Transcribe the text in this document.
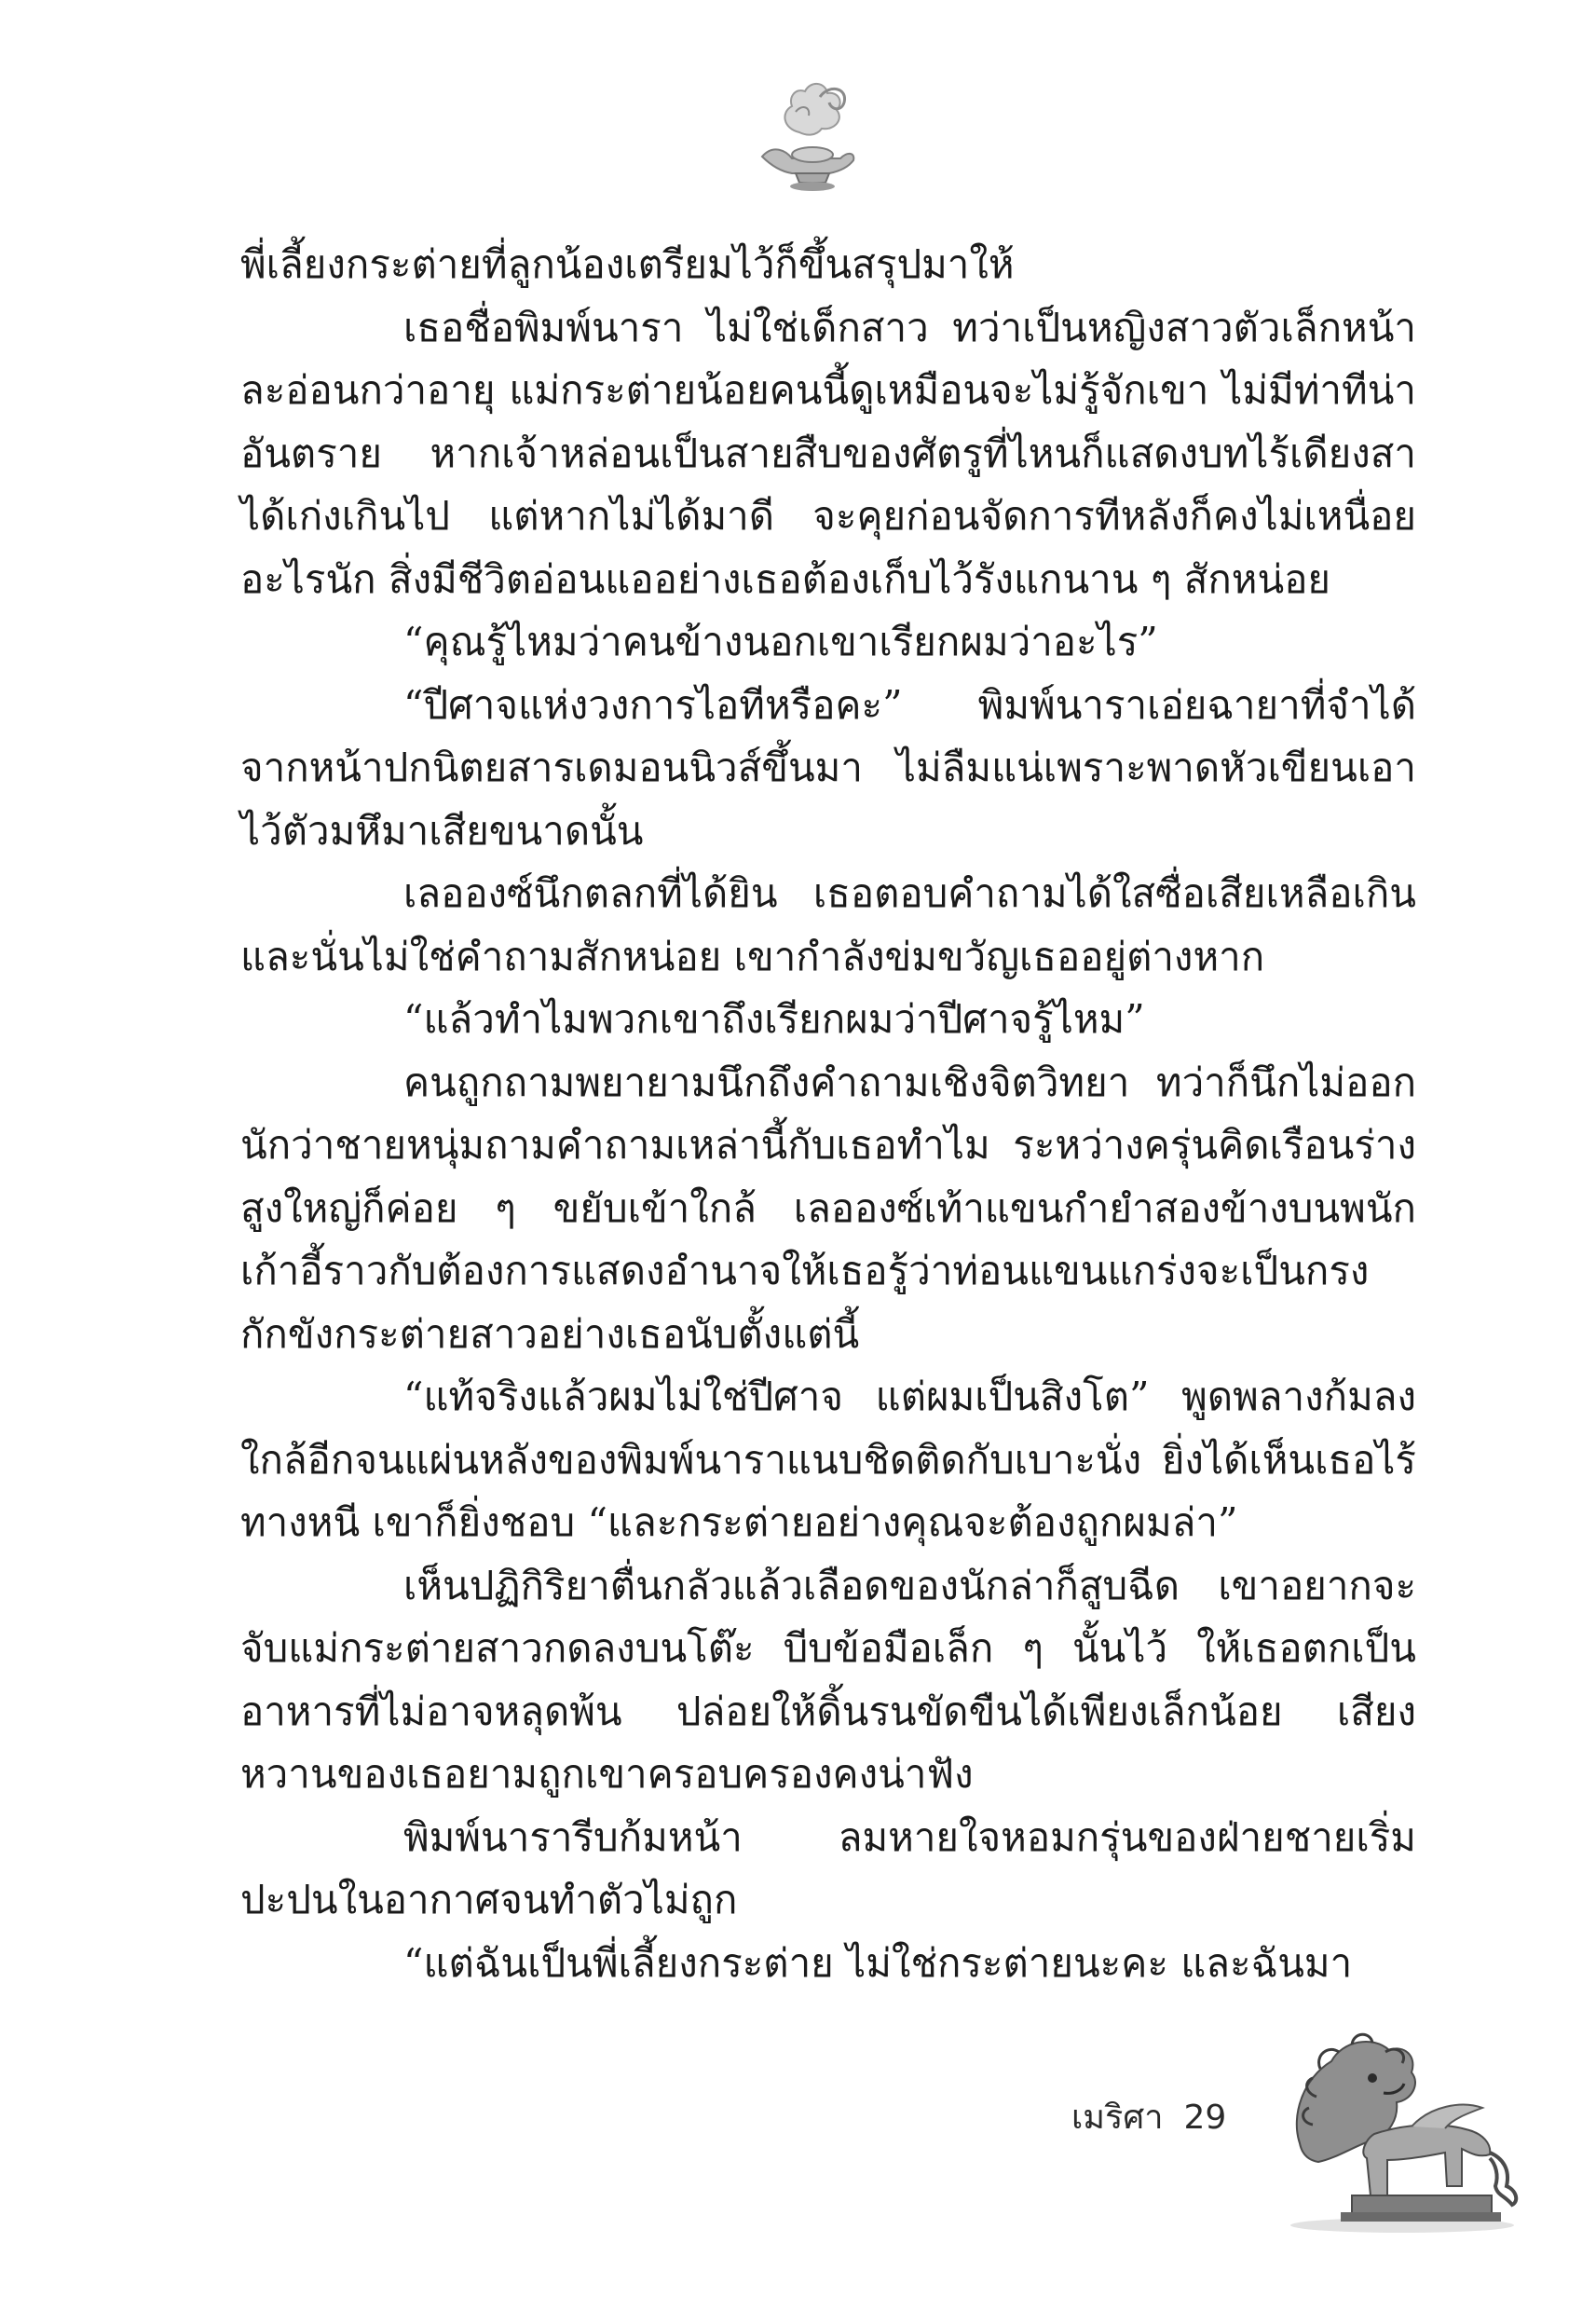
พี่เลี้ยงกระต่ายที่ลูกน้องเตรียมไว้ก็ขึ้นสรุปมาให้

เธอชื่อพิมพ์นารา ไม่ใช่เด็กสาว ทว่าเป็นหญิงสาวตัวเล็กหน้าละอ่อนกว่าอายุ แม่กระต่ายน้อยคนนี้ดูเหมือนจะไม่รู้จักเขา ไม่มีท่าทีน่าอันตราย หากเจ้าหล่อนเป็นสายสืบของศัตรูที่ไหนก็แสดงบทไร้เดียงสาได้เก่งเกินไป แต่หากไม่ได้มาดี จะคุยก่อนจัดการทีหลังก็คงไม่เหนื่อยอะไรนัก สิ่งมีชีวิตอ่อนแออย่างเธอต้องเก็บไว้รังแกนาน ๆ สักหน่อย

“คุณรู้ไหมว่าคนข้างนอกเขาเรียกผมว่าอะไร”

“ปีศาจแห่งวงการไอทีหรือคะ” พิมพ์นาราเอ่ยฉายาที่จำได้จากหน้าปกนิตยสารเดมอนนิวส์ขึ้นมา ไม่ลืมแน่เพราะพาดหัวเขียนเอาไว้ตัวมหึมาเสียขนาดนั้น

เลอองซ์นึกตลกที่ได้ยิน เธอตอบคำถามได้ใสซื่อเสียเหลือเกินและนั่นไม่ใช่คำถามสักหน่อย เขากำลังข่มขวัญเธออยู่ต่างหาก

“แล้วทำไมพวกเขาถึงเรียกผมว่าปีศาจรู้ไหม”

คนถูกถามพยายามนึกถึงคำถามเชิงจิตวิทยา ทว่าก็นึกไม่ออกนักว่าชายหนุ่มถามคำถามเหล่านี้กับเธอทำไม ระหว่างครุ่นคิดเรือนร่างสูงใหญ่ก็ค่อย ๆ ขยับเข้าใกล้ เลอองซ์เท้าแขนกำยำสองข้างบนพนักเก้าอี้ราวกับต้องการแสดงอำนาจให้เธอรู้ว่าท่อนแขนแกร่งจะเป็นกรงกักขังกระต่ายสาวอย่างเธอนับตั้งแต่นี้

“แท้จริงแล้วผมไม่ใช่ปีศาจ แต่ผมเป็นสิงโต” พูดพลางก้มลงใกล้อีกจนแผ่นหลังของพิมพ์นาราแนบชิดติดกับเบาะนั่ง ยิ่งได้เห็นเธอไร้ทางหนี เขาก็ยิ่งชอบ “และกระต่ายอย่างคุณจะต้องถูกผมล่า”

เห็นปฏิกิริยาตื่นกลัวแล้วเลือดของนักล่าก็สูบฉีด เขาอยากจะจับแม่กระต่ายสาวกดลงบนโต๊ะ บีบข้อมือเล็ก ๆ นั้นไว้ ให้เธอตกเป็นอาหารที่ไม่อาจหลุดพ้น ปล่อยให้ดิ้นรนขัดขืนได้เพียงเล็กน้อย เสียงหวานของเธอยามถูกเขาครอบครองคงน่าฟัง

พิมพ์นารารีบก้มหน้า ลมหายใจหอมกรุ่นของฝ่ายชายเริ่มปะปนในอากาศจนทำตัวไม่ถูก

“แต่ฉันเป็นพี่เลี้ยงกระต่าย ไม่ใช่กระต่ายนะคะ และฉันมา

เมริศา 29
